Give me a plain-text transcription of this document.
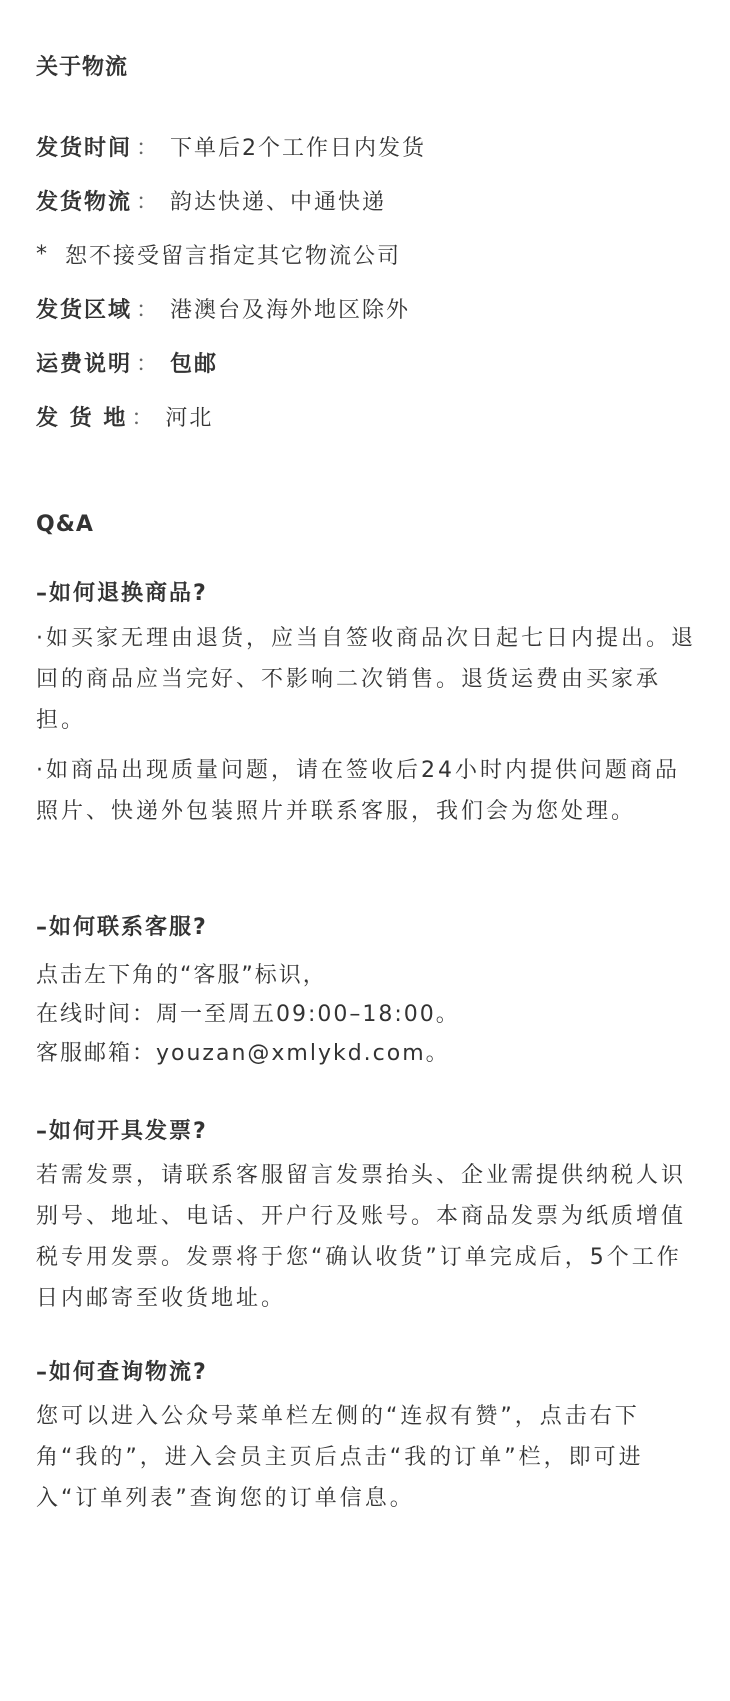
关于物流
发货时间 ： 下单后2个工作日内发货
发货物流 ： 韵达快递、中通快递
* 恕不接受留言指定其它物流公司
发货区域 ： 港澳台及海外地区除外
运费说明 ： 包邮
发 货 地 ： 河北
Q&A
–如何退换商品?
·如买家无理由退货，应当自签收商品次日起七日内提出。退回的商品应当完好、不影响二次销售。退货运费由买家承担。
·如商品出现质量问题，请在签收后24小时内提供问题商品照片、快递外包装照片并联系客服，我们会为您处理。
–如何联系客服?
点击左下角的“客服”标识，
在线时间：周一至周五09:00–18:00。
客服邮箱：youzan@xmlykd.com。
–如何开具发票?
若需发票，请联系客服留言发票抬头、企业需提供纳税人识别号、地址、电话、开户行及账号。本商品发票为纸质增值税专用发票。发票将于您“确认收货”订单完成后，5个工作日内邮寄至收货地址。
–如何查询物流?
您可以进入公众号菜单栏左侧的“连叔有赞”，点击右下角“我的”，进入会员主页后点击“我的订单”栏，即可进入“订单列表”查询您的订单信息。
